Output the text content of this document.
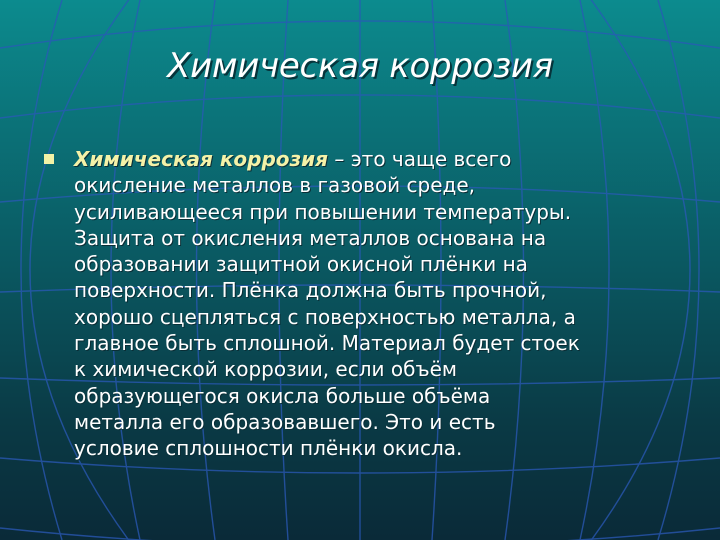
Химическая коррозия

Химическая коррозия – это чаще всего
окисление металлов в газовой среде,
усиливающееся при повышении температуры.
Защита от окисления металлов основана на
образовании защитной окисной плёнки на
поверхности. Плёнка должна быть прочной,
хорошо сцепляться с поверхностью металла, а
главное быть сплошной. Материал будет стоек
к химической коррозии, если объём
образующегося окисла больше объёма
металла его образовавшего. Это и есть
условие сплошности плёнки окисла.
